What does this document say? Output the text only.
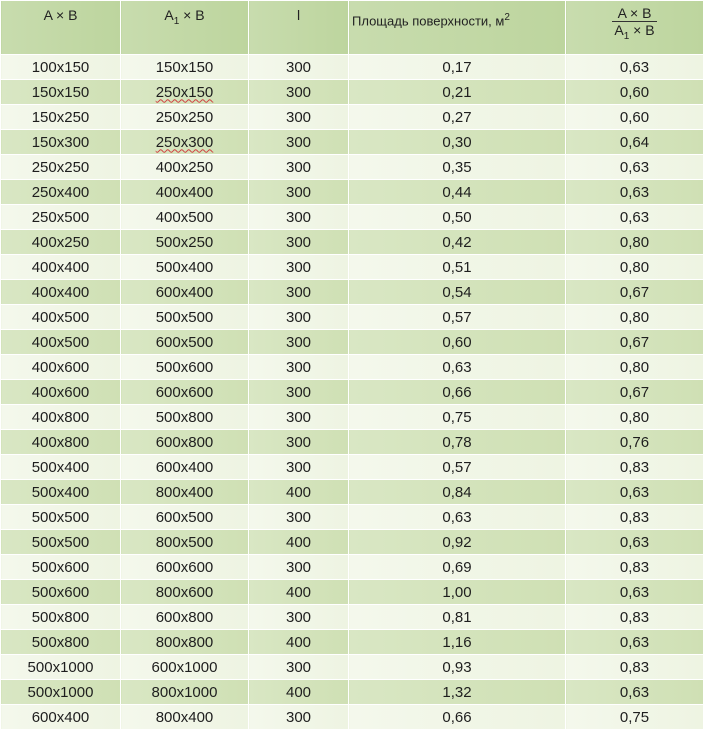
A × B	$A_1 \times B$	l	Площадь поверхности, $м^2$	$\frac{A \times B}{A_1 \times B}$

100x150	150x150	300	0,17	0,63
150x150	250x150	300	0,21	0,60
150x250	250x250	300	0,27	0,60
150x300	250x300	300	0,30	0,64
250x250	400x250	300	0,35	0,63
250x400	400x400	300	0,44	0,63
250x500	400x500	300	0,50	0,63
400x250	500x250	300	0,42	0,80
400x400	500x400	300	0,51	0,80
400x400	600x400	300	0,54	0,67
400x500	500x500	300	0,57	0,80
400x500	600x500	300	0,60	0,67
400x600	500x600	300	0,63	0,80
400x600	600x600	300	0,66	0,67
400x800	500x800	300	0,75	0,80
400x800	600x800	300	0,78	0,76
500x400	600x400	300	0,57	0,83
500x400	800x400	400	0,84	0,63
500x500	600x500	300	0,63	0,83
500x500	800x500	400	0,92	0,63
500x600	600x600	300	0,69	0,83
500x600	800x600	400	1,00	0,63
500x800	600x800	300	0,81	0,83
500x800	800x800	400	1,16	0,63
500x1000	600x1000	300	0,93	0,83
500x1000	800x1000	400	1,32	0,63
600x400	800x400	300	0,66	0,75
